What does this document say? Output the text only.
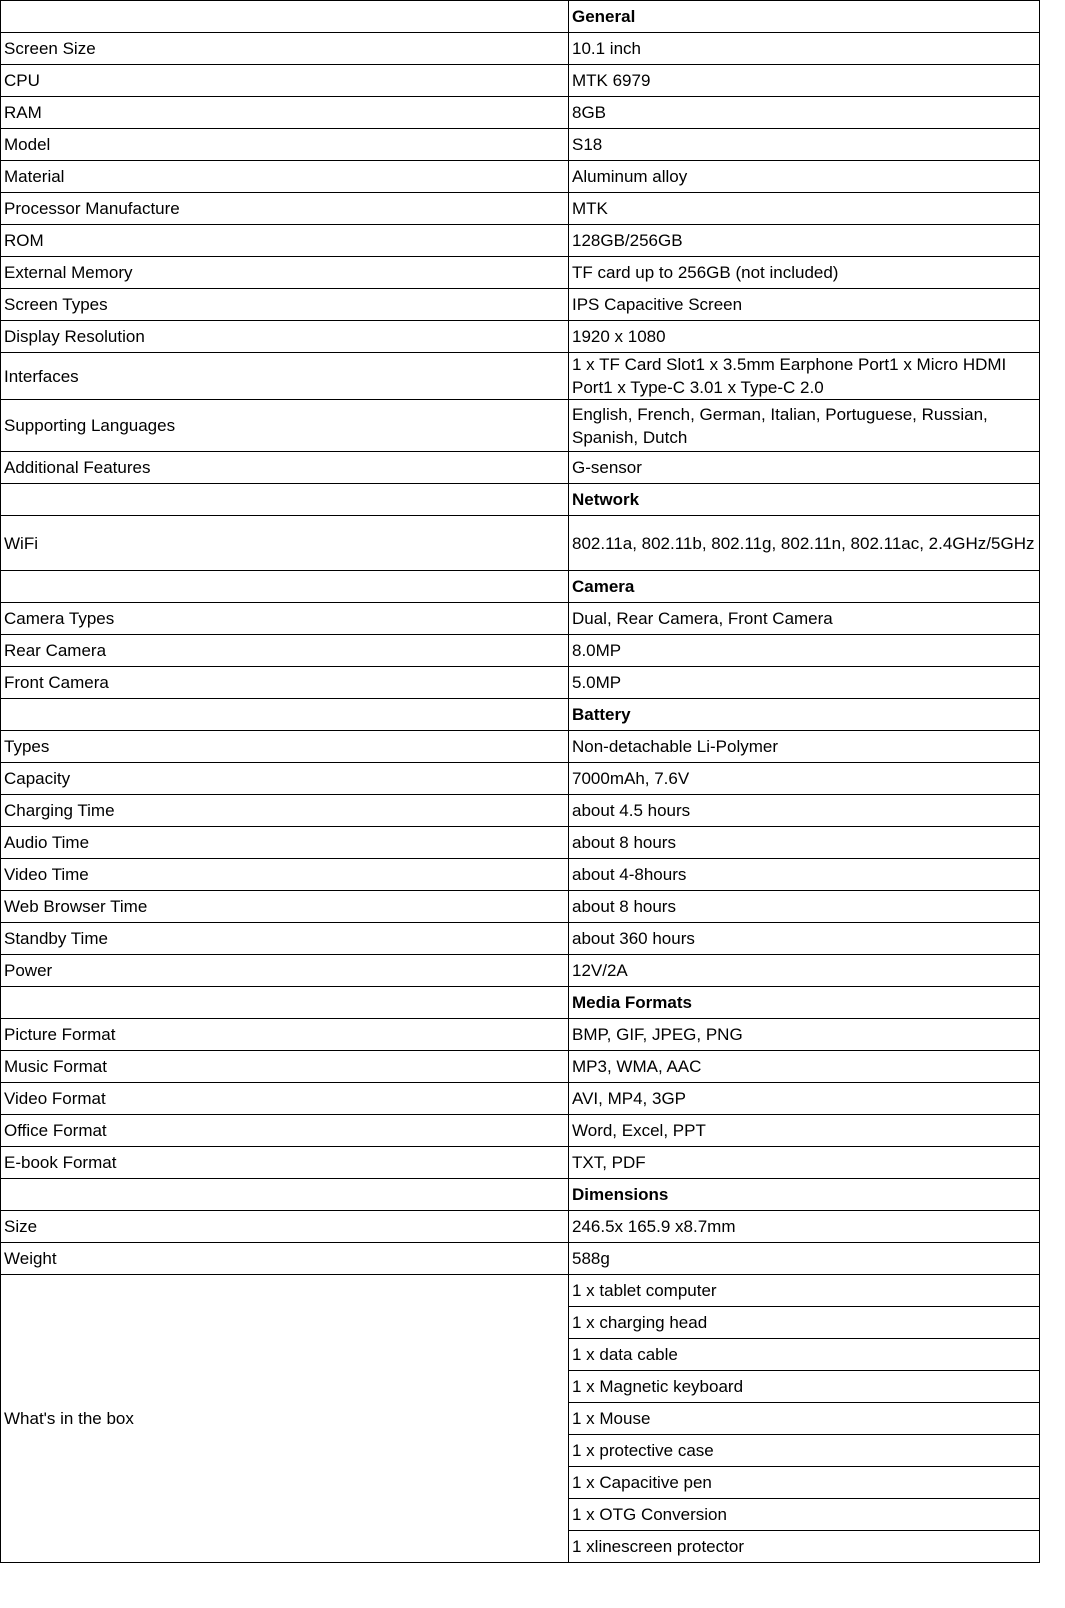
	General
Screen Size	10.1 inch
CPU	MTK 6979
RAM	8GB
Model	S18
Material	Aluminum alloy
Processor Manufacture	MTK
ROM	128GB/256GB
External Memory	TF card up to 256GB (not included)
Screen Types	IPS Capacitive Screen
Display Resolution	1920 x 1080
Interfaces	1 x TF Card Slot1 x 3.5mm Earphone Port1 x Micro HDMI Port1 x Type-C 3.01 x Type-C 2.0
Supporting Languages	English, French, German, Italian, Portuguese, Russian, Spanish, Dutch
Additional Features	G-sensor
	Network
WiFi	802.11a, 802.11b, 802.11g, 802.11n, 802.11ac, 2.4GHz/5GHz
	Camera
Camera Types	Dual, Rear Camera, Front Camera
Rear Camera	8.0MP
Front Camera	5.0MP
	Battery
Types	Non-detachable Li-Polymer
Capacity	7000mAh, 7.6V
Charging Time	about 4.5 hours
Audio Time	about 8 hours
Video Time	about 4-8hours
Web Browser Time	about 8 hours
Standby Time	about 360 hours
Power	12V/2A
	Media Formats
Picture Format	BMP, GIF, JPEG, PNG
Music Format	MP3, WMA, AAC
Video Format	AVI, MP4, 3GP
Office Format	Word, Excel, PPT
E-book Format	TXT, PDF
	Dimensions
Size	246.5x 165.9 x8.7mm
Weight	588g
What's in the box	1 x tablet computer
	1 x charging head
	1 x data cable
	1 x Magnetic keyboard
	1 x Mouse
	1 x protective case
	1 x Capacitive pen
	1 x OTG Conversion
	1 xlinescreen protector
